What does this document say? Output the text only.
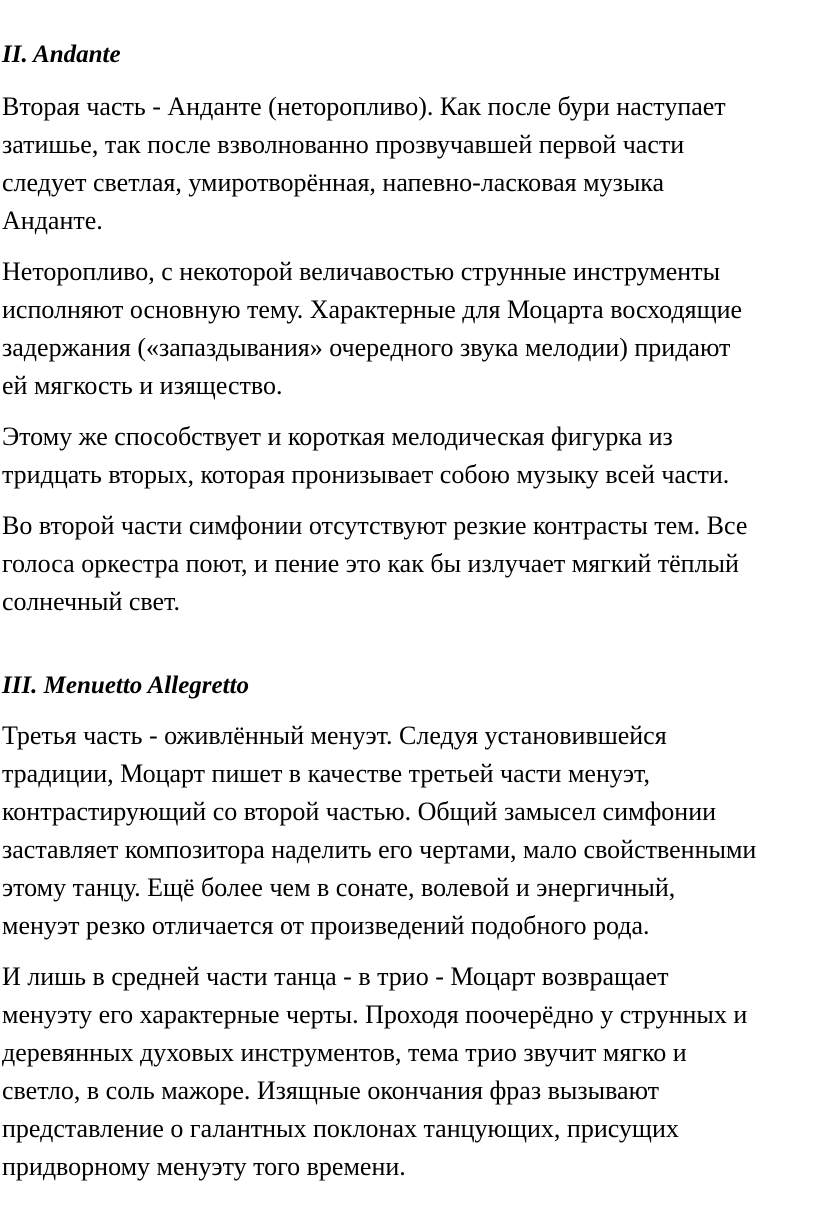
II. Andante

Вторая часть - Анданте (неторопливо). Как после бури наступает
затишье, так после взволнованно прозвучавшей первой части
следует светлая, умиротворённая, напевно-ласковая музыка
Анданте.

Неторопливо, с некоторой величавостью струнные инструменты
исполняют основную тему. Характерные для Моцарта восходящие
задержания («запаздывания» очередного звука мелодии) придают
ей мягкость и изящество.

Этому же способствует и короткая мелодическая фигурка из
тридцать вторых, которая пронизывает собою музыку всей части.

Во второй части симфонии отсутствуют резкие контрасты тем. Все
голоса оркестра поют, и пение это как бы излучает мягкий тёплый
солнечный свет.

III. Menuetto Allegretto

Третья часть - оживлённый менуэт. Следуя установившейся
традиции, Моцарт пишет в качестве третьей части менуэт,
контрастирующий со второй частью. Общий замысел симфонии
заставляет композитора наделить его чертами, мало свойственными
этому танцу. Ещё более чем в сонате, волевой и энергичный,
менуэт резко отличается от произведений подобного рода.

И лишь в средней части танца - в трио - Моцарт возвращает
менуэту его характерные черты. Проходя поочерёдно у струнных и
деревянных духовых инструментов, тема трио звучит мягко и
светло, в соль мажоре. Изящные окончания фраз вызывают
представление о галантных поклонах танцующих, присущих
придворному менуэту того времени.
